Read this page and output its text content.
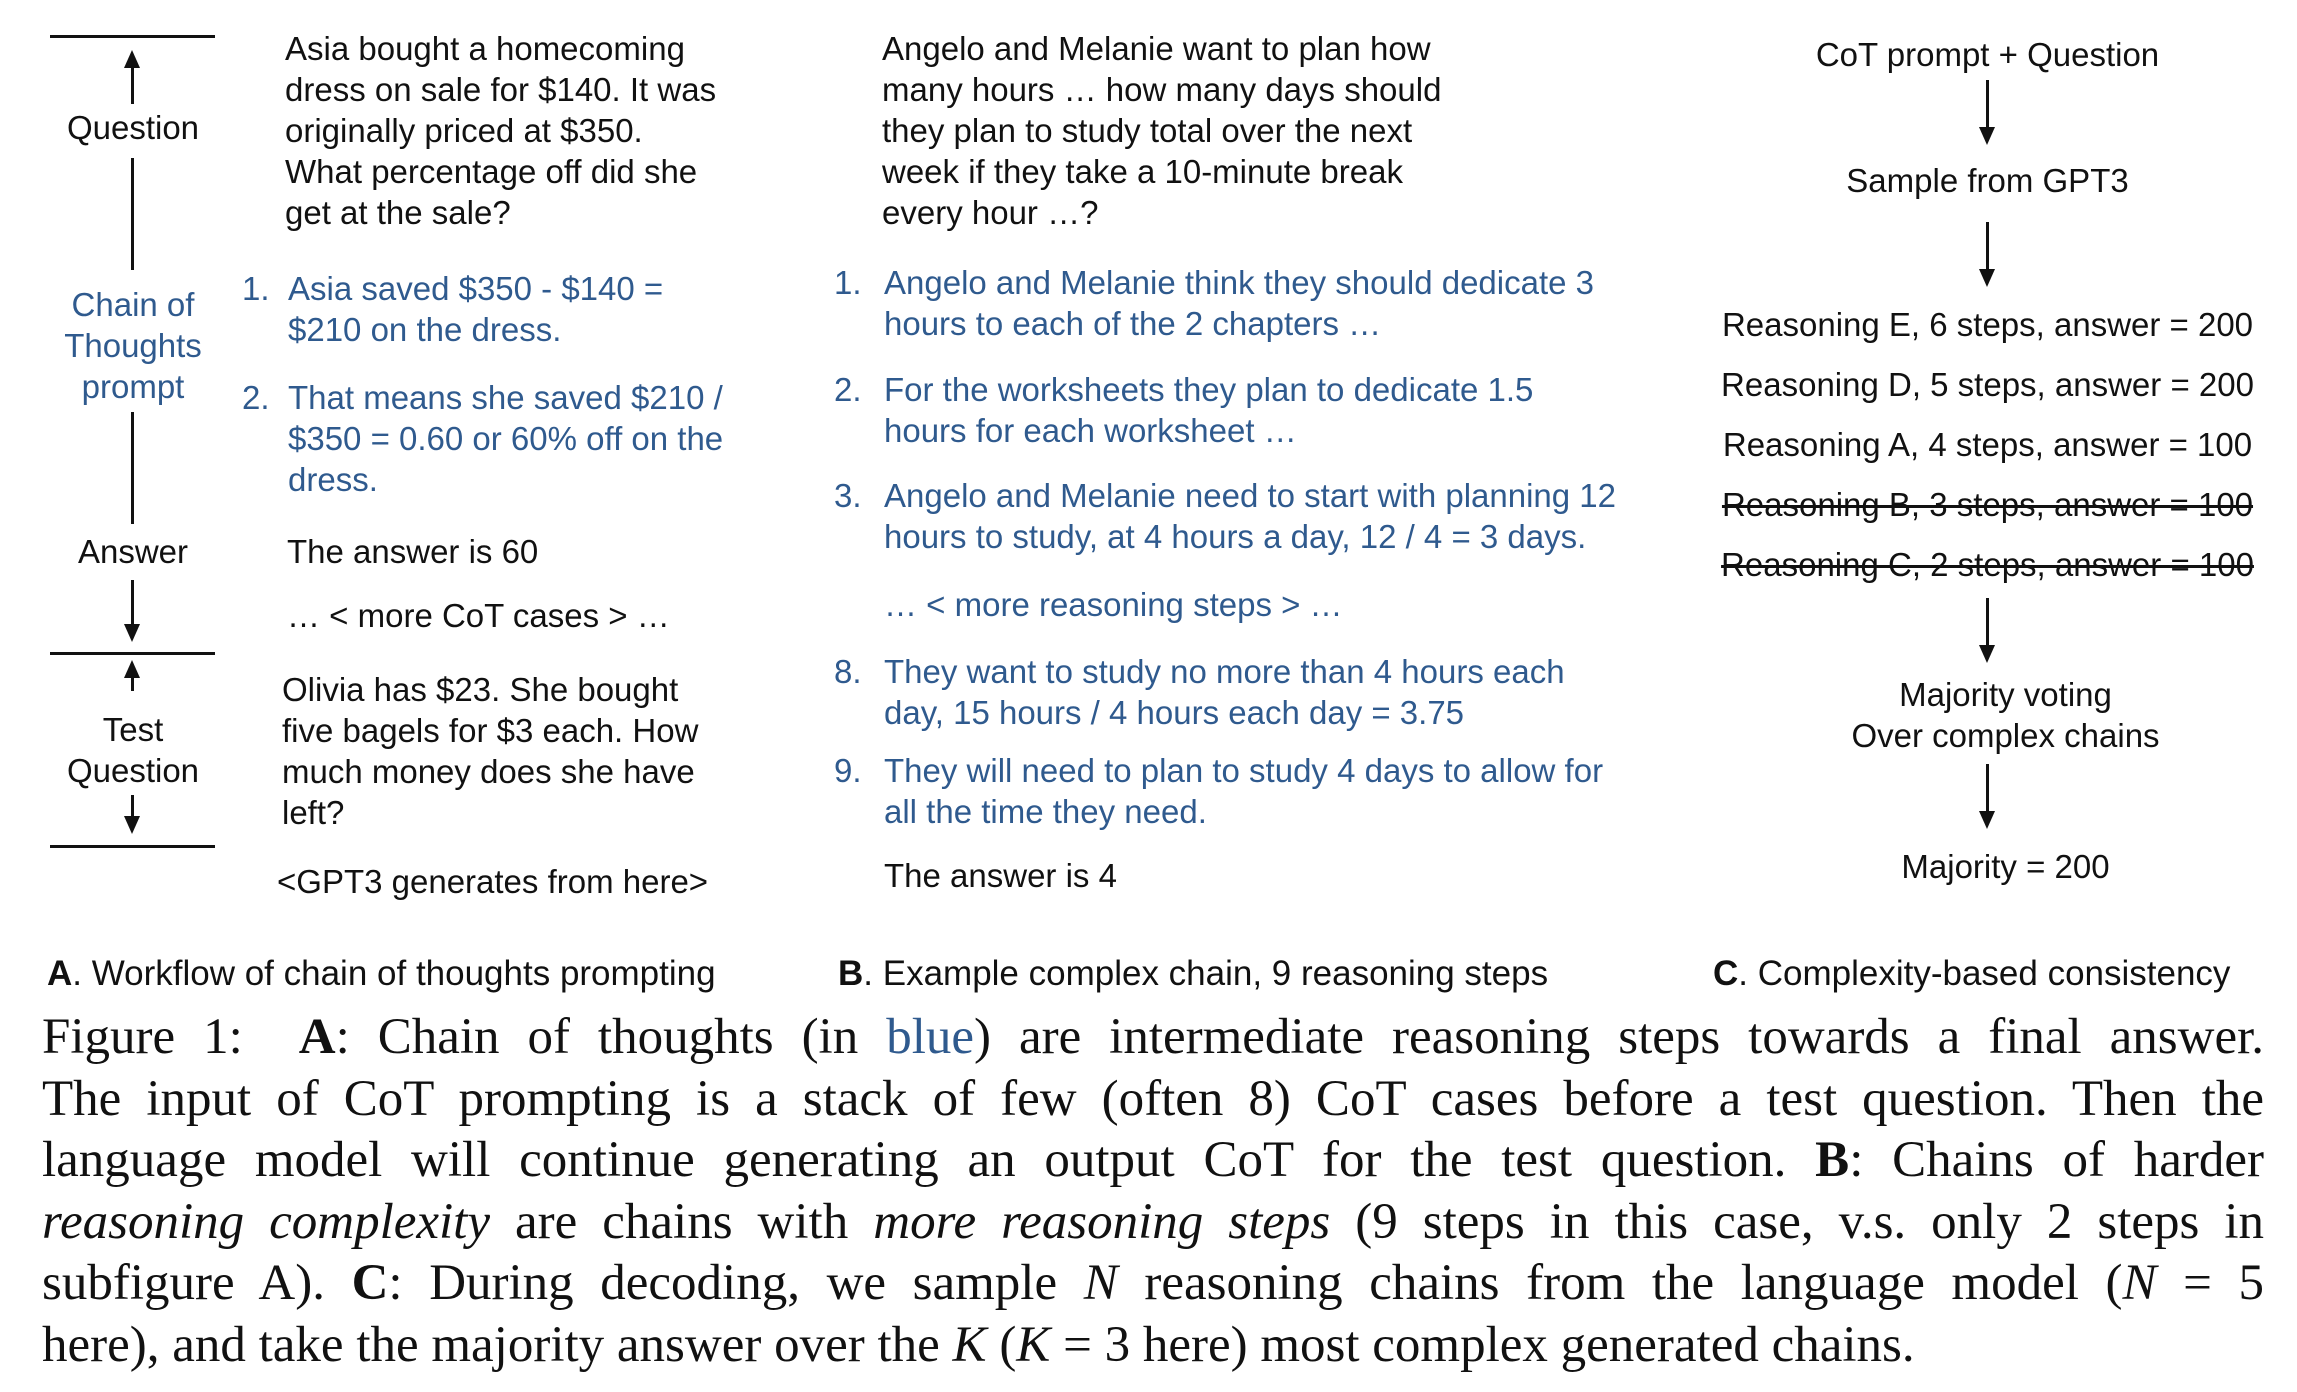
Question

Chain of

Thoughts

prompt

Answer

Test

Question

Asia bought a homecoming

dress on sale for $140. It was

originally priced at $350.

What percentage off did she

get at the sale?

1. Asia saved $350 - $140 =
$210 on the dress.
2. That means she saved $210 /
$350 = 0.60 or 60% off on the
dress.

The answer is 60

… < more CoT cases > …

Olivia has $23. She bought

five bagels for $3 each. How

much money does she have

left?

<GPT3 generates from here>

A. Workflow of chain of thoughts prompting

Angelo and Melanie want to plan how

many hours … how many days should

they plan to study total over the next

week if they take a 10-minute break

every hour …?

1. Angelo and Melanie think they should dedicate 3
hours to each of the 2 chapters …
2. For the worksheets they plan to dedicate 1.5
hours for each worksheet …
3. Angelo and Melanie need to start with planning 12
hours to study, at 4 hours a day, 12 / 4 = 3 days.

… < more reasoning steps > …

8. They want to study no more than 4 hours each
day, 15 hours / 4 hours each day = 3.75
9. They will need to plan to study 4 days to allow for
all the time they need.

The answer is 4

B. Example complex chain, 9 reasoning steps

CoT prompt + Question

Sample from GPT3

Reasoning E, 6 steps, answer = 200

Reasoning D, 5 steps, answer = 200

Reasoning A, 4 steps, answer = 100

Reasoning B, 3 steps, answer = 100

Reasoning C, 2 steps, answer = 100

Majority voting

Over complex chains

Majority = 200

C. Complexity-based consistency

Figure 1: A: Chain of thoughts (in blue) are intermediate reasoning steps towards a final answer.
The input of CoT prompting is a stack of few (often 8) CoT cases before a test question. Then the
language model will continue generating an output CoT for the test question. B: Chains of harder
reasoning complexity are chains with more reasoning steps (9 steps in this case, v.s. only 2 steps in
subfigure A). C: During decoding, we sample N reasoning chains from the language model (N = 5
here), and take the majority answer over the K (K = 3 here) most complex generated chains.
